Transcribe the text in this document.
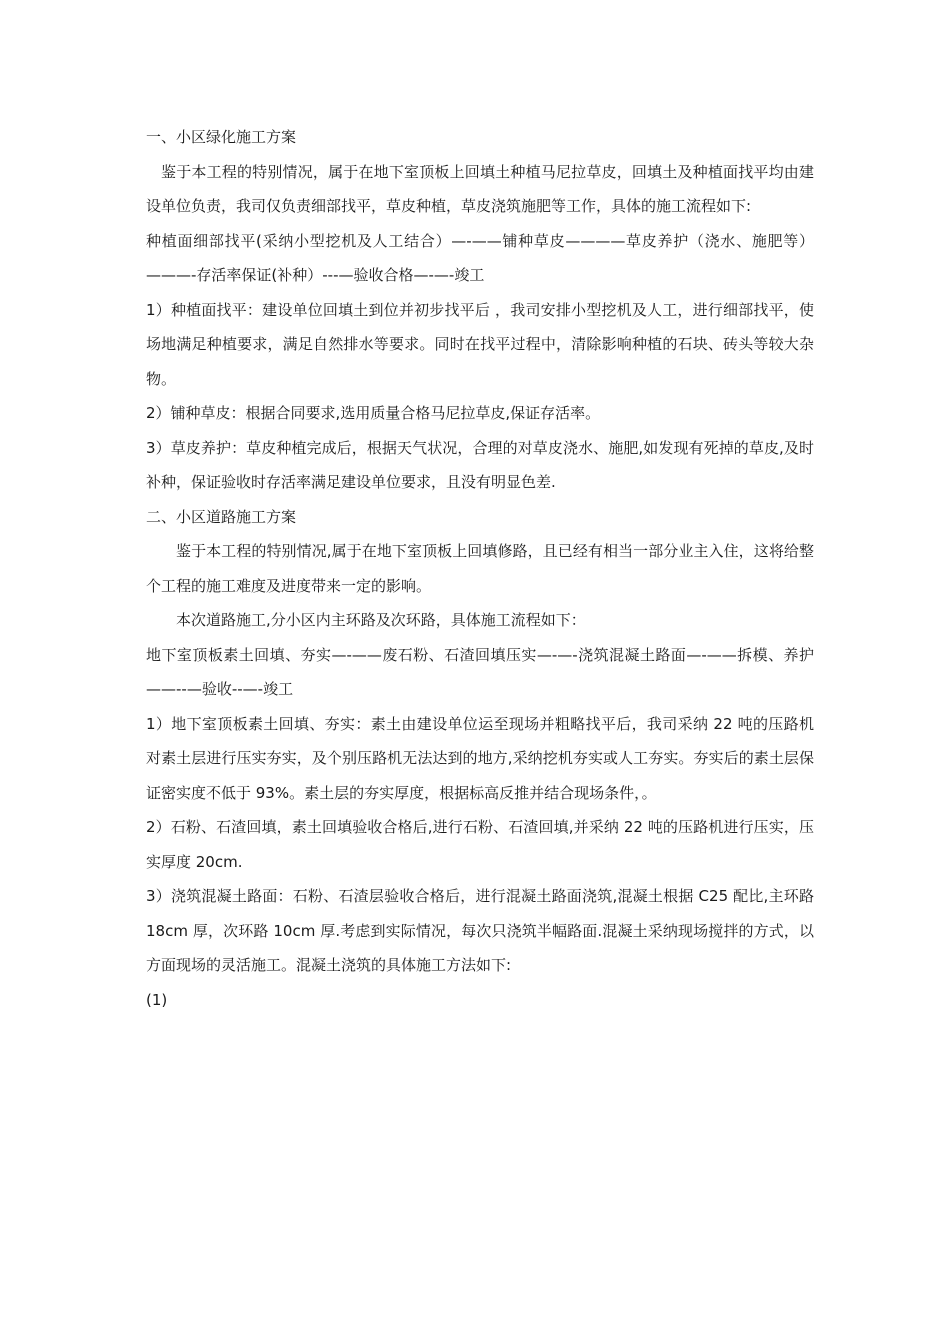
一、小区绿化施工方案

鉴于本工程的特别情况，属于在地下室顶板上回填土种植马尼拉草皮，回填土及种植面找平均由建设单位负责，我司仅负责细部找平，草皮种植，草皮浇筑施肥等工作，具体的施工流程如下:

种植面细部找平(采纳小型挖机及人工结合）—-——铺种草皮————草皮养护（浇水、施肥等）———-存活率保证(补种）---—验收合格—-—-竣工

1）种植面找平：建设单位回填土到位并初步找平后 ，我司安排小型挖机及人工，进行细部找平，使场地满足种植要求，满足自然排水等要求。同时在找平过程中，清除影响种植的石块、砖头等较大杂物。

2）铺种草皮：根据合同要求,选用质量合格马尼拉草皮,保证存活率。

3）草皮养护：草皮种植完成后，根据天气状况，合理的对草皮浇水、施肥,如发现有死掉的草皮,及时补种，保证验收时存活率满足建设单位要求，且没有明显色差.

二、小区道路施工方案

鉴于本工程的特别情况,属于在地下室顶板上回填修路，且已经有相当一部分业主入住，这将给整个工程的施工难度及进度带来一定的影响。

本次道路施工,分小区内主环路及次环路，具体施工流程如下：

地下室顶板素土回填、夯实—-——废石粉、石渣回填压实—-—-浇筑混凝土路面—-——拆模、养护——--—验收--—-竣工

1）地下室顶板素土回填、夯实：素土由建设单位运至现场并粗略找平后，我司采纳 22 吨的压路机对素土层进行压实夯实，及个别压路机无法达到的地方,采纳挖机夯实或人工夯实。夯实后的素土层保证密实度不低于 93%。素土层的夯实厚度，根据标高反推并结合现场条件，。

2）石粉、石渣回填，素土回填验收合格后,进行石粉、石渣回填,并采纳 22 吨的压路机进行压实，压实厚度 20cm.

3）浇筑混凝土路面：石粉、石渣层验收合格后，进行混凝土路面浇筑,混凝土根据 C25 配比,主环路 18cm 厚，次环路 10cm 厚.考虑到实际情况，每次只浇筑半幅路面.混凝土采纳现场搅拌的方式，以方面现场的灵活施工。混凝土浇筑的具体施工方法如下:

(1)
